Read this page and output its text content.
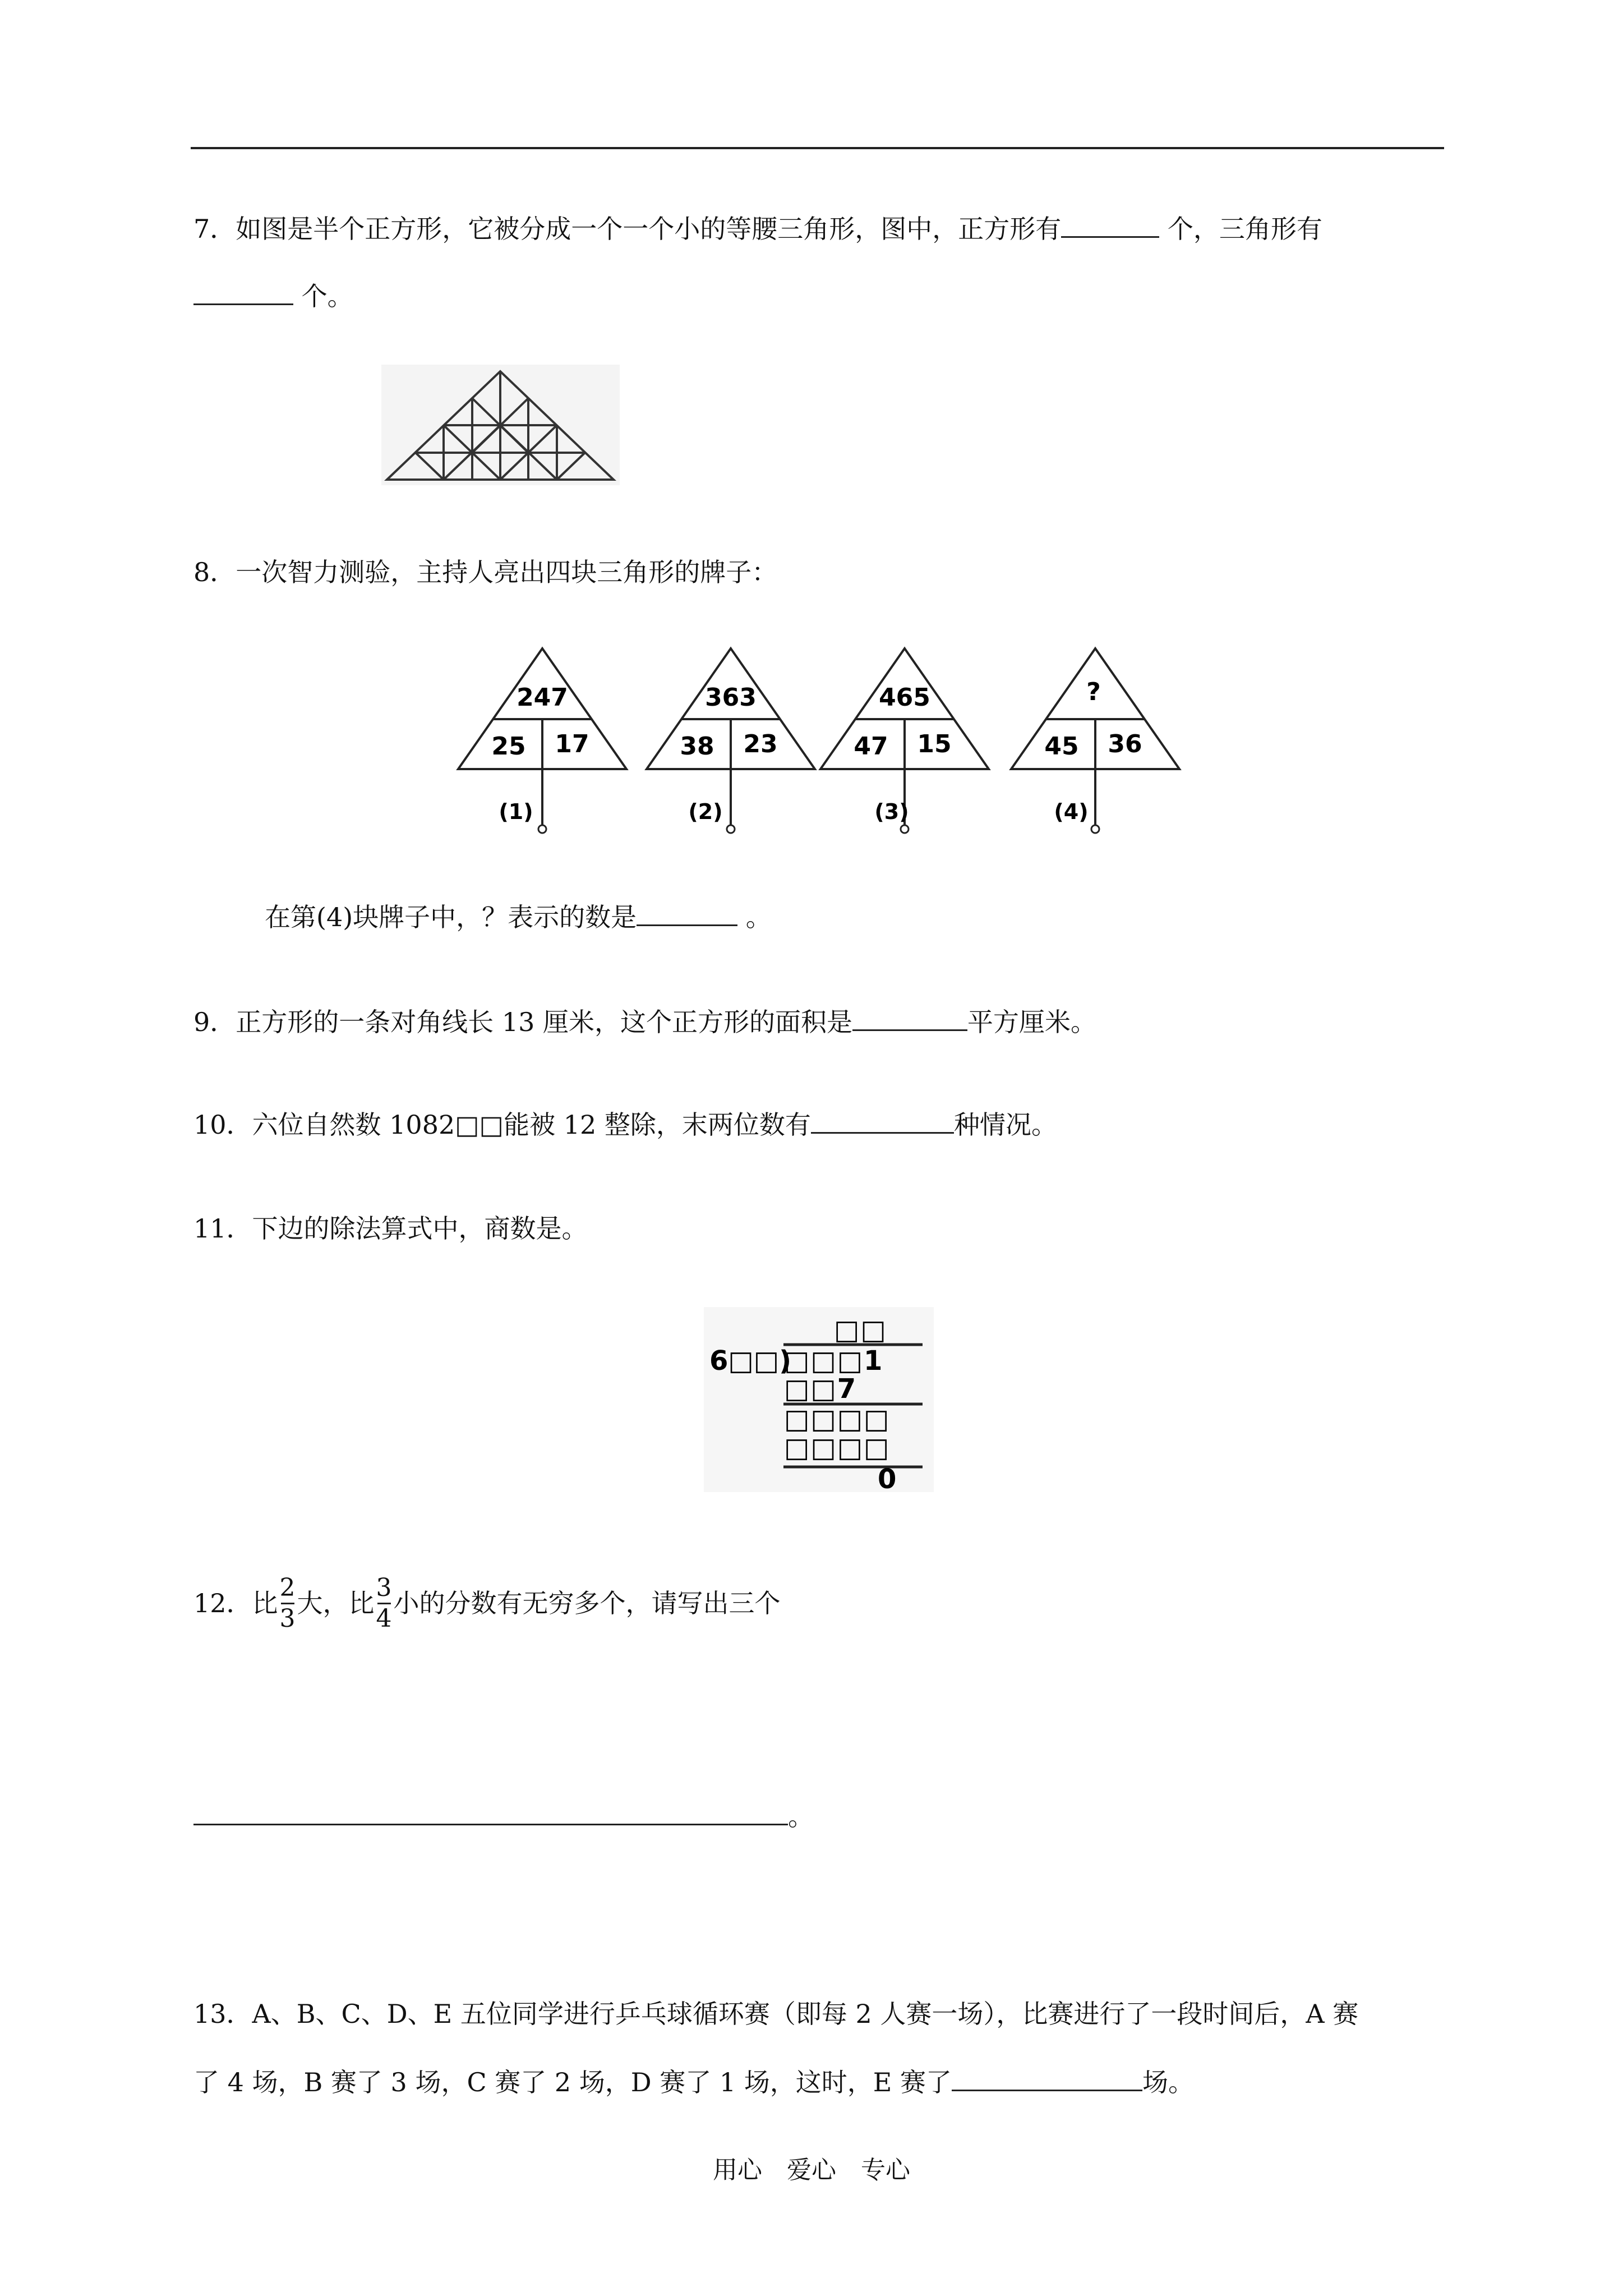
7．如图是半个正方形，它被分成一个一个小的等腰三角形，图中，正方形有	个，三角形有
个。
8．一次智力测验，主持人亮出四块三角形的牌子：
247
25 17
(1)
363
38 23
(2)
465
47 15
(3)
?
45 36
(4)
在第(4)块牌子中，？表示的数是	。
9．正方形的一条对角线长 13 厘米，这个正方形的面积是	平方厘米。
10．六位自然数 1082□□能被 12 整除，末两位数有	种情况。
11．下边的除法算式中，商数是。
□□
6□□)
□□□1
□□7
□□□□
□□□□
0
12．比 $\frac{2}{3}$ 大，比 $\frac{3}{4}$ 小的分数有无穷多个，请写出三个
。
13．A、B、C、D、E 五位同学进行乒乓球循环赛（即每 2 人赛一场），比赛进行了一段时间后，A 赛
了 4 场，B 赛了 3 场，C 赛了 2 场，D 赛了 1 场，这时，E 赛了	场。
用心　爱心　专心
